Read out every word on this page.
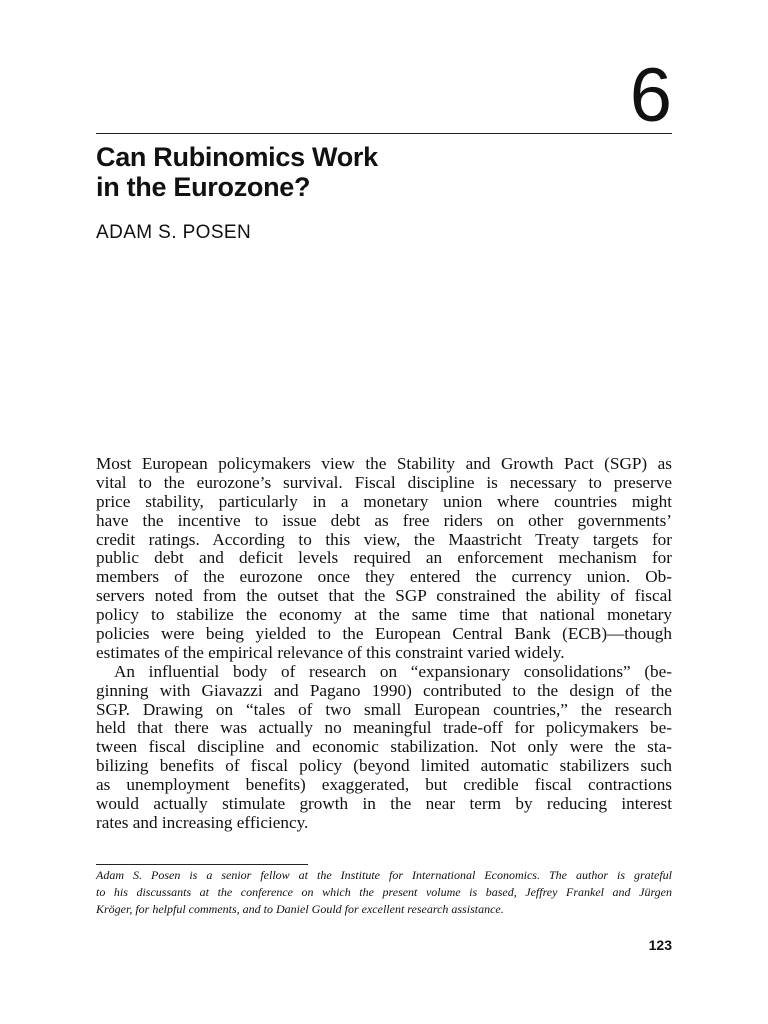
6
Can Rubinomics Work
in the Eurozone?
ADAM S. POSEN
Most European policymakers view the Stability and Growth Pact (SGP) as
vital to the eurozone’s survival. Fiscal discipline is necessary to preserve
price stability, particularly in a monetary union where countries might
have the incentive to issue debt as free riders on other governments’
credit ratings. According to this view, the Maastricht Treaty targets for
public debt and deficit levels required an enforcement mechanism for
members of the eurozone once they entered the currency union. Ob-
servers noted from the outset that the SGP constrained the ability of fiscal
policy to stabilize the economy at the same time that national monetary
policies were being yielded to the European Central Bank (ECB)—though
estimates of the empirical relevance of this constraint varied widely.
An influential body of research on “expansionary consolidations” (be-
ginning with Giavazzi and Pagano 1990) contributed to the design of the
SGP. Drawing on “tales of two small European countries,” the research
held that there was actually no meaningful trade-off for policymakers be-
tween fiscal discipline and economic stabilization. Not only were the sta-
bilizing benefits of fiscal policy (beyond limited automatic stabilizers such
as unemployment benefits) exaggerated, but credible fiscal contractions
would actually stimulate growth in the near term by reducing interest
rates and increasing efficiency.
Adam S. Posen is a senior fellow at the Institute for International Economics. The author is grateful
to his discussants at the conference on which the present volume is based, Jeffrey Frankel and Jürgen
Kröger, for helpful comments, and to Daniel Gould for excellent research assistance.
123
